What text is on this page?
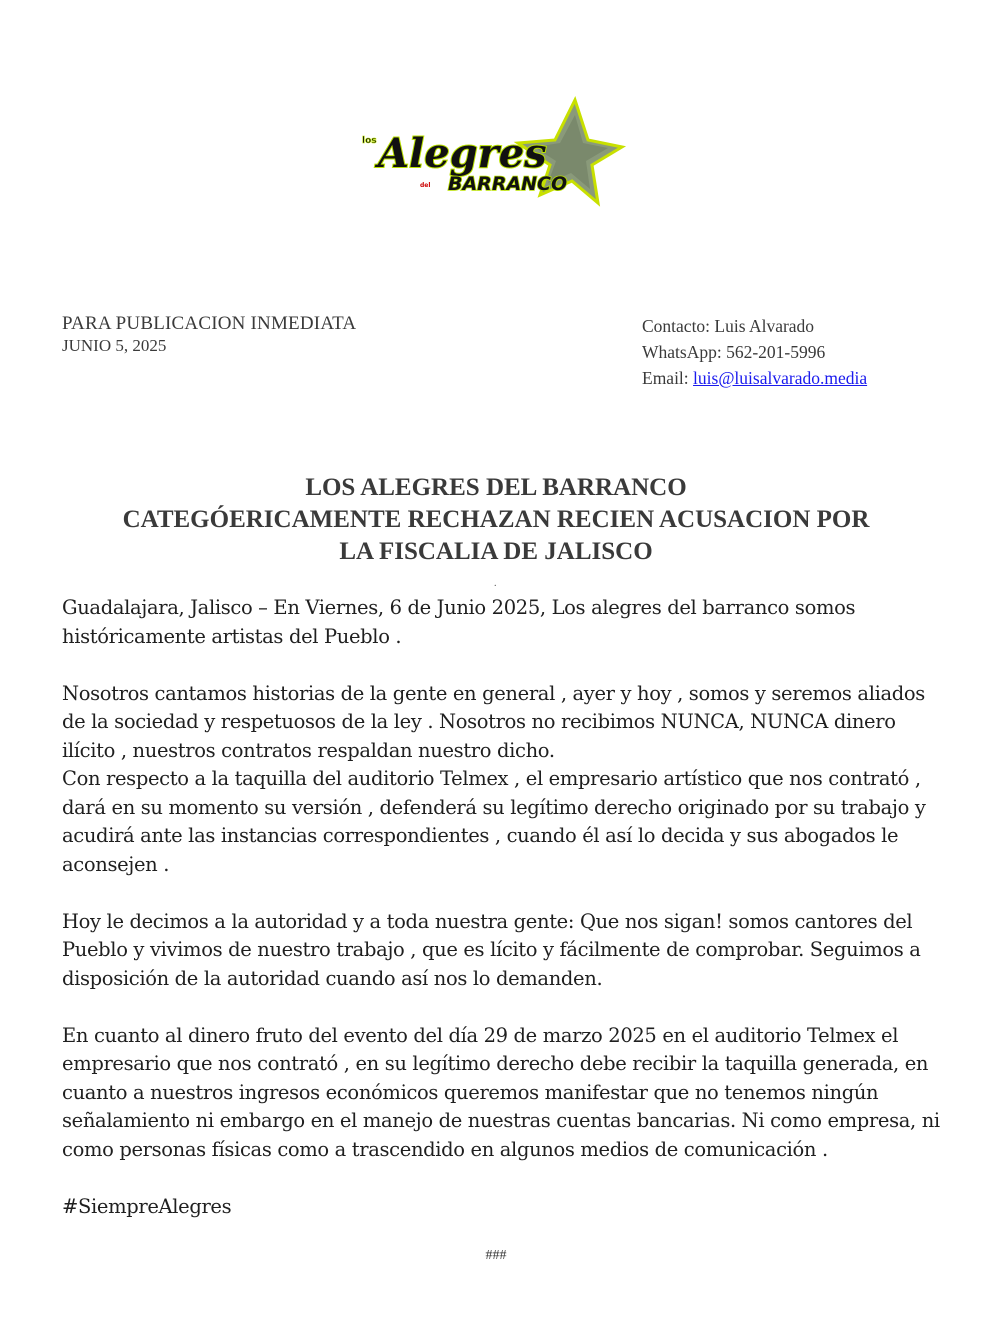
los Alegres
del BARRANCO
PARA PUBLICACION INMEDIATA
JUNIO 5, 2025
Contacto: Luis Alvarado
WhatsApp: 562-201-5996
Email: luis@luisalvarado.media
LOS ALEGRES DEL BARRANCO
CATEGÓERICAMENTE RECHAZAN RECIEN ACUSACION POR
LA FISCALIA DE JALISCO
.

Guadalajara, Jalisco – En Viernes, 6 de Junio 2025, Los alegres del barranco somos históricamente artistas del Pueblo .

Nosotros cantamos historias de la gente en general , ayer y hoy , somos y seremos aliados de la sociedad y respetuosos de la ley . Nosotros no recibimos NUNCA, NUNCA dinero ilícito , nuestros contratos respaldan nuestro dicho.

Con respecto a la taquilla del auditorio Telmex , el empresario artístico que nos contrató , dará en su momento su versión , defenderá su legítimo derecho originado por su trabajo y acudirá ante las instancias correspondientes , cuando él así lo decida y sus abogados le aconsejen .

Hoy le decimos a la autoridad y a toda nuestra gente: Que nos sigan! somos cantores del Pueblo y vivimos de nuestro trabajo , que es lícito y fácilmente de comprobar. Seguimos a disposición de la autoridad cuando así nos lo demanden.

En cuanto al dinero fruto del evento del día 29 de marzo 2025 en el auditorio Telmex el empresario que nos contrató , en su legítimo derecho debe recibir la taquilla generada, en cuanto a nuestros ingresos económicos queremos manifestar que no tenemos ningún señalamiento ni embargo en el manejo de nuestras cuentas bancarias. Ni como empresa, ni como personas físicas como a trascendido en algunos medios de comunicación .

#SiempreAlegres

###
